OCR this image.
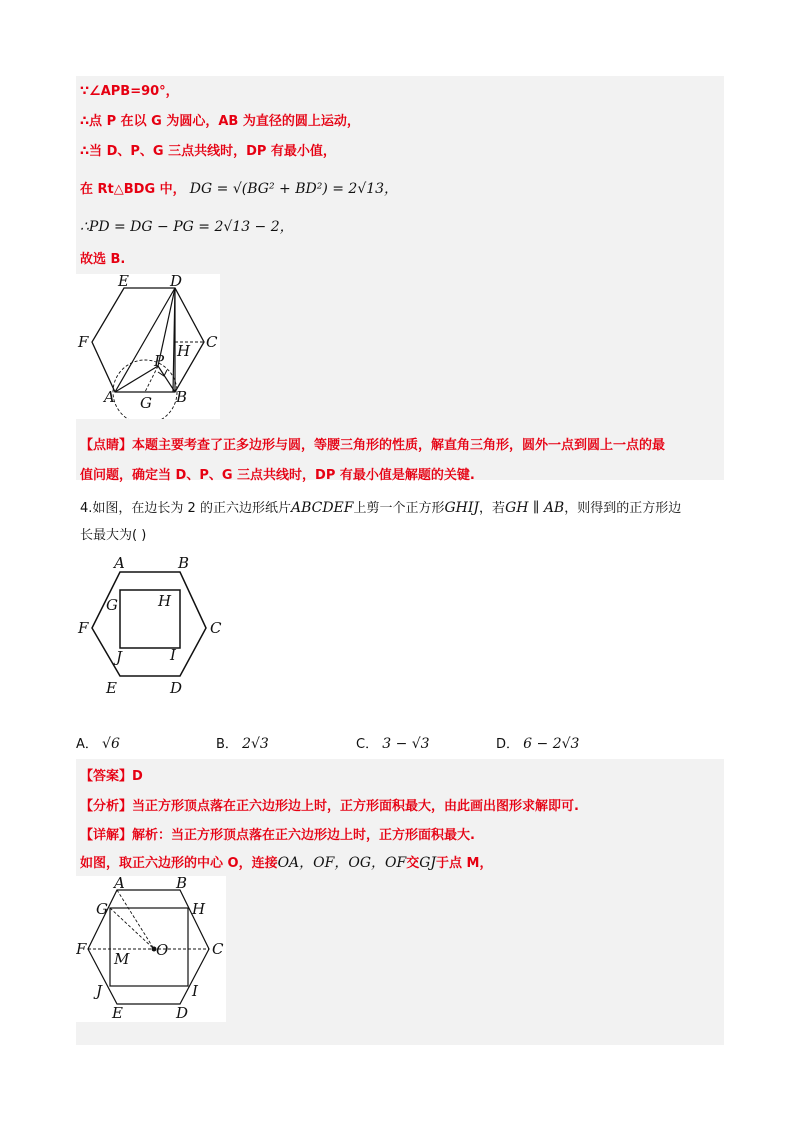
∵∠APB=90°，
∴点 P 在以 G 为圆心，AB 为直径的圆上运动，
∴当 D、P、G 三点共线时，DP 有最小值，
在 Rt△BDG 中， DG = √(BG² + BD²) = 2√13，
∴PD = DG − PG = 2√13 − 2，
故选 B.
E	D
F	C
H
P
A G B
【点睛】本题主要考查了正多边形与圆，等腰三角形的性质，解直角三角形，圆外一点到圆上一点的最
值问题，确定当 D、P、G 三点共线时，DP 有最小值是解题的关键.
4.如图，在边长为 2 的正六边形纸片ABCDEF上剪一个正方形GHIJ，若GH ∥ AB，则得到的正方形边
长最大为( )
A	B
G	H
F	C
J	I
E	D
A． √6	B． 2√3	C． 3 − √3	D． 6 − 2√3
【答案】D
【分析】当正方形顶点落在正六边形边上时，正方形面积最大，由此画出图形求解即可.
【详解】解析：当正方形顶点落在正六边形边上时，正方形面积最大.
如图，取正六边形的中心 O，连接OA，OF，OG，OF交GJ于点 M，
A	B
G	H
F	C
M O
J	I
E	D
